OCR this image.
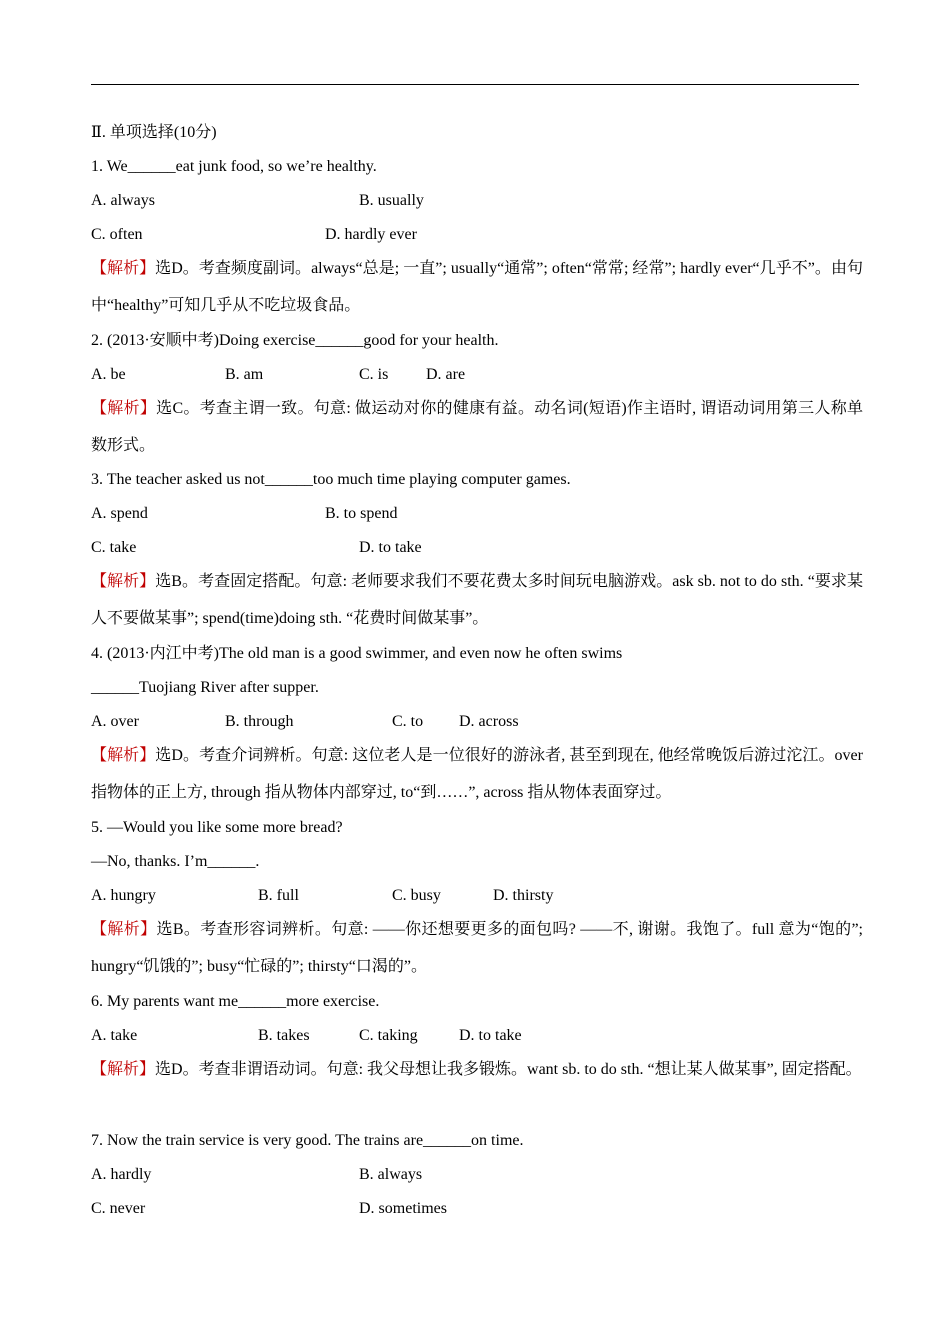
Ⅱ. 单项选择(10分)
1. We______eat junk food, so we’re healthy.
A. always	B. usually
C. often	D. hardly ever
【解析】选D。考查频度副词。always“总是; 一直”; usually“通常”; often“常常; 经常”; hardly ever“几乎不”。由句中“healthy”可知几乎从不吃垃圾食品。
2. (2013·安顺中考)Doing exercise______good for your health.
A. be	B. am	C. is D. are
【解析】选C。考查主谓一致。句意: 做运动对你的健康有益。动名词(短语)作主语时, 谓语动词用第三人称单数形式。
3. The teacher asked us not______too much time playing computer games.
A. spend	B. to spend
C. take	D. to take
【解析】选B。考查固定搭配。句意: 老师要求我们不要花费太多时间玩电脑游戏。ask sb. not to do sth. “要求某人不要做某事”; spend(time)doing sth. “花费时间做某事”。
4. (2013·内江中考)The old man is a good swimmer, and even now he often swims
______Tuojiang River after supper.
A. over	B. through	C. to D. across
【解析】选D。考查介词辨析。句意: 这位老人是一位很好的游泳者, 甚至到现在, 他经常晚饭后游过沱江。over 指物体的正上方, through 指从物体内部穿过, to“到……”, across 指从物体表面穿过。
5. —Would you like some more bread?
—No, thanks. I’m______.
A. hungry	B. full	C. busy	D. thirsty
【解析】选B。考查形容词辨析。句意: ——你还想要更多的面包吗? ——不, 谢谢。我饱了。full 意为“饱的”; hungry“饥饿的”; busy“忙碌的”; thirsty“口渴的”。
6. My parents want me______more exercise.
A. take	B. takes	C. taking	D. to take
【解析】选D。考查非谓语动词。句意: 我父母想让我多锻炼。want sb. to do sth. “想让某人做某事”, 固定搭配。
7. Now the train service is very good. The trains are______on time.
A. hardly	B. always
C. never	D. sometimes
